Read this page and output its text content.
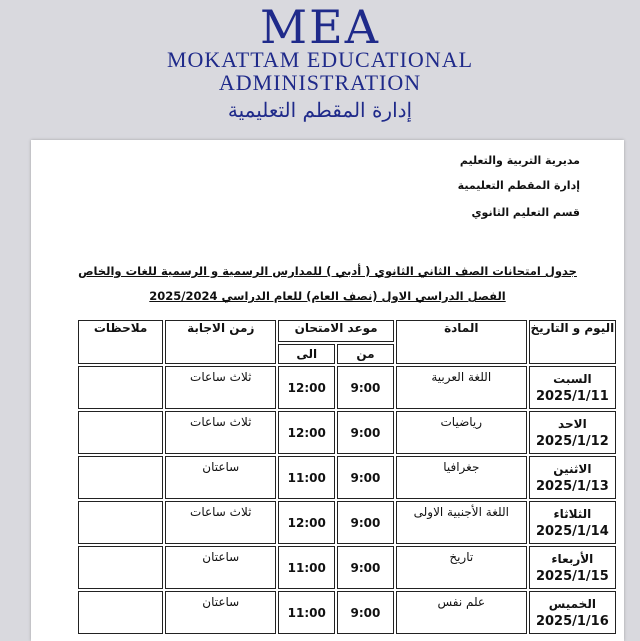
MEA
MOKATTAM EDUCATIONAL
ADMINISTRATION
إدارة المقطم التعليمية
مديرية التربية والتعليم
إدارة المقطم التعليمية
قسم التعليم الثانوي
جدول امتحانات الصف الثاني الثانوي ( أدبي ) للمدارس الرسمية و الرسمية للغات والخاص
الفصل الدراسي الاول (نصف العام) للعام الدراسي 2025/2024
اليوم و التاريخ	المادة	موعد الامتحان		زمن الاجابة	ملاحظات
		من	الى		
السبت
2025/1/11	اللغة العربية	9:00	12:00	ثلاث ساعات	
الاحد
2025/1/12	رياضيات	9:00	12:00	ثلاث ساعات	
الاثنين
2025/1/13	جغرافيا	9:00	11:00	ساعتان	
الثلاثاء
2025/1/14	اللغة الأجنبية الاولى	9:00	12:00	ثلاث ساعات	
الأربعاء
2025/1/15	تاريخ	9:00	11:00	ساعتان	
الخميس
2025/1/16	علم نفس	9:00	11:00	ساعتان	
